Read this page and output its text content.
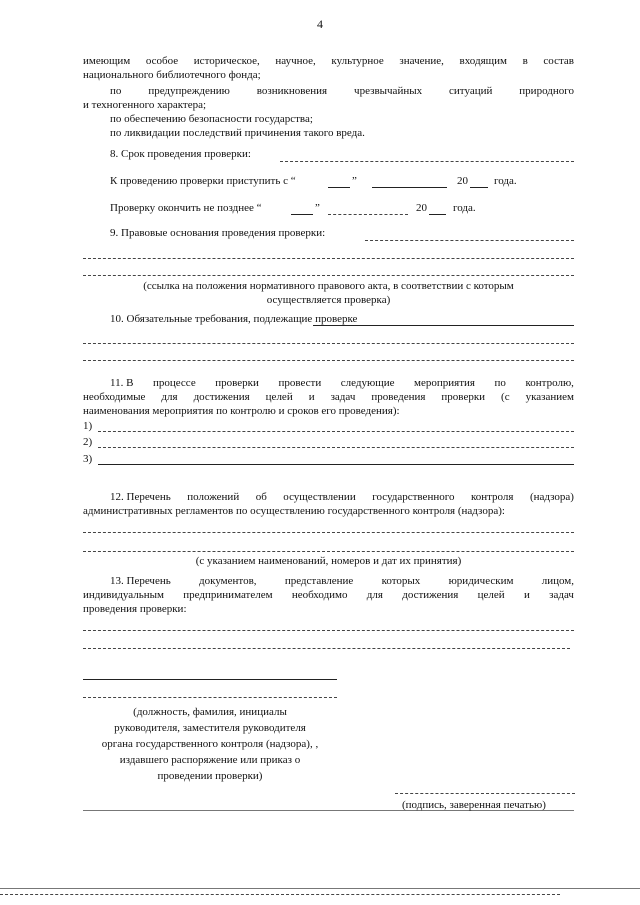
4
имеющим особое историческое, научное, культурное значение, входящим в состав
национального библиотечного фонда;
по предупреждению возникновения чрезвычайных ситуаций природного
и техногенного характера;
по обеспечению безопасности государства;
по ликвидации последствий причинения такого вреда.
8. Срок проведения проверки:
К проведению проверки приступить с “	”	20 года.
Проверку окончить не позднее “	”	20 года.
9. Правовые основания проведения проверки:
(ссылка на положения нормативного правового акта, в соответствии с которым
осуществляется проверка)
10. Обязательные требования, подлежащие проверке
11. В процессе проверки провести следующие мероприятия по контролю,
необходимые для достижения целей и задач проведения проверки (с указанием
наименования мероприятия по контролю и сроков его проведения):
1)
2)
3)
12. Перечень положений об осуществлении государственного контроля (надзора)
административных регламентов по осуществлению государственного контроля (надзора):
(с указанием наименований, номеров и дат их принятия)
13. Перечень	документов,	представление	которых	юридическим	лицом,
индивидуальным предпринимателем необходимо для достижения целей и задач
проведения проверки:
(должность, фамилия, инициалы
руководителя, заместителя руководителя
органа государственного контроля (надзора), ,
издавшего распоряжение или приказ о
проведении проверки)
(подпись, заверенная печатью)
